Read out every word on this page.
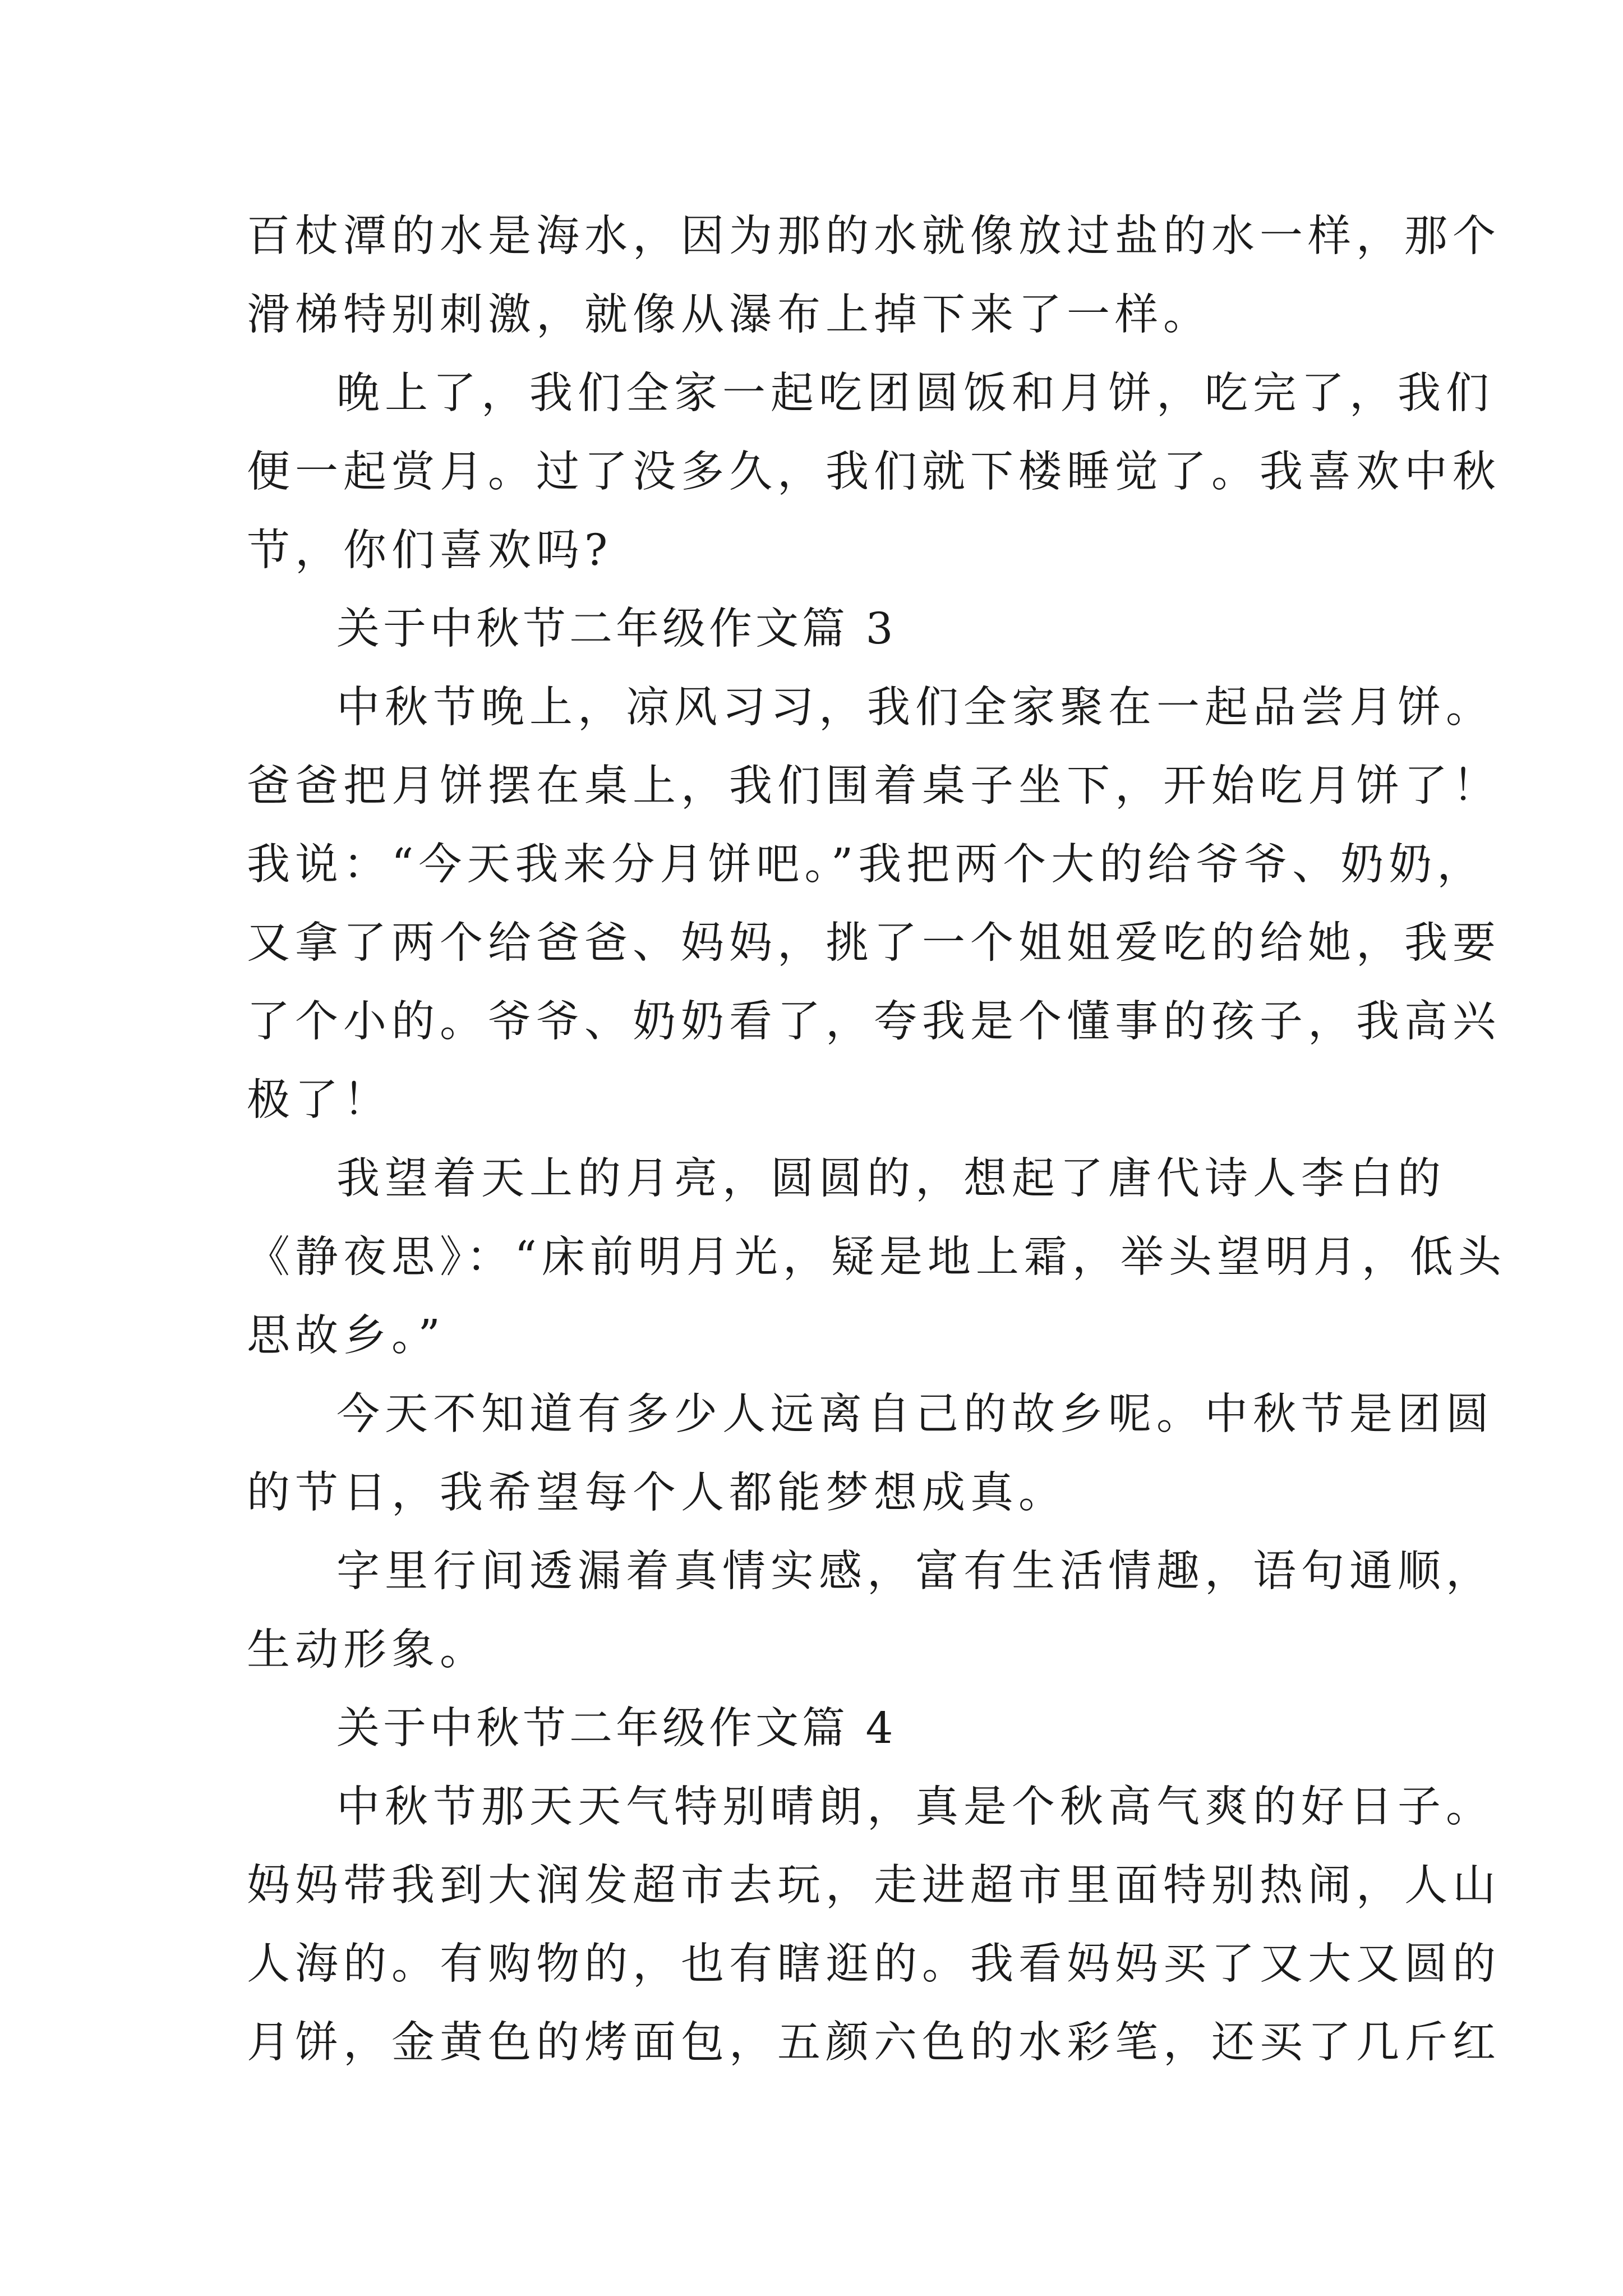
百杖潭的水是海水，因为那的水就像放过盐的水一样，那个
滑梯特别刺激，就像从瀑布上掉下来了一样。
晚上了，我们全家一起吃团圆饭和月饼，吃完了，我们
便一起赏月。过了没多久，我们就下楼睡觉了。我喜欢中秋
节，你们喜欢吗?
关于中秋节二年级作文篇 3
中秋节晚上，凉风习习，我们全家聚在一起品尝月饼。
爸爸把月饼摆在桌上，我们围着桌子坐下，开始吃月饼了！
我说：“今天我来分月饼吧。”我把两个大的给爷爷、奶奶，
又拿了两个给爸爸、妈妈，挑了一个姐姐爱吃的给她，我要
了个小的。爷爷、奶奶看了，夸我是个懂事的孩子，我高兴
极了！
我望着天上的月亮，圆圆的，想起了唐代诗人李白的
《静夜思》：“床前明月光，疑是地上霜，举头望明月，低头
思故乡。”
今天不知道有多少人远离自己的故乡呢。中秋节是团圆
的节日，我希望每个人都能梦想成真。
字里行间透漏着真情实感，富有生活情趣，语句通顺，
生动形象。
关于中秋节二年级作文篇 4
中秋节那天天气特别晴朗，真是个秋高气爽的好日子。
妈妈带我到大润发超市去玩，走进超市里面特别热闹，人山
人海的。有购物的，也有瞎逛的。我看妈妈买了又大又圆的
月饼，金黄色的烤面包，五颜六色的水彩笔，还买了几斤红
